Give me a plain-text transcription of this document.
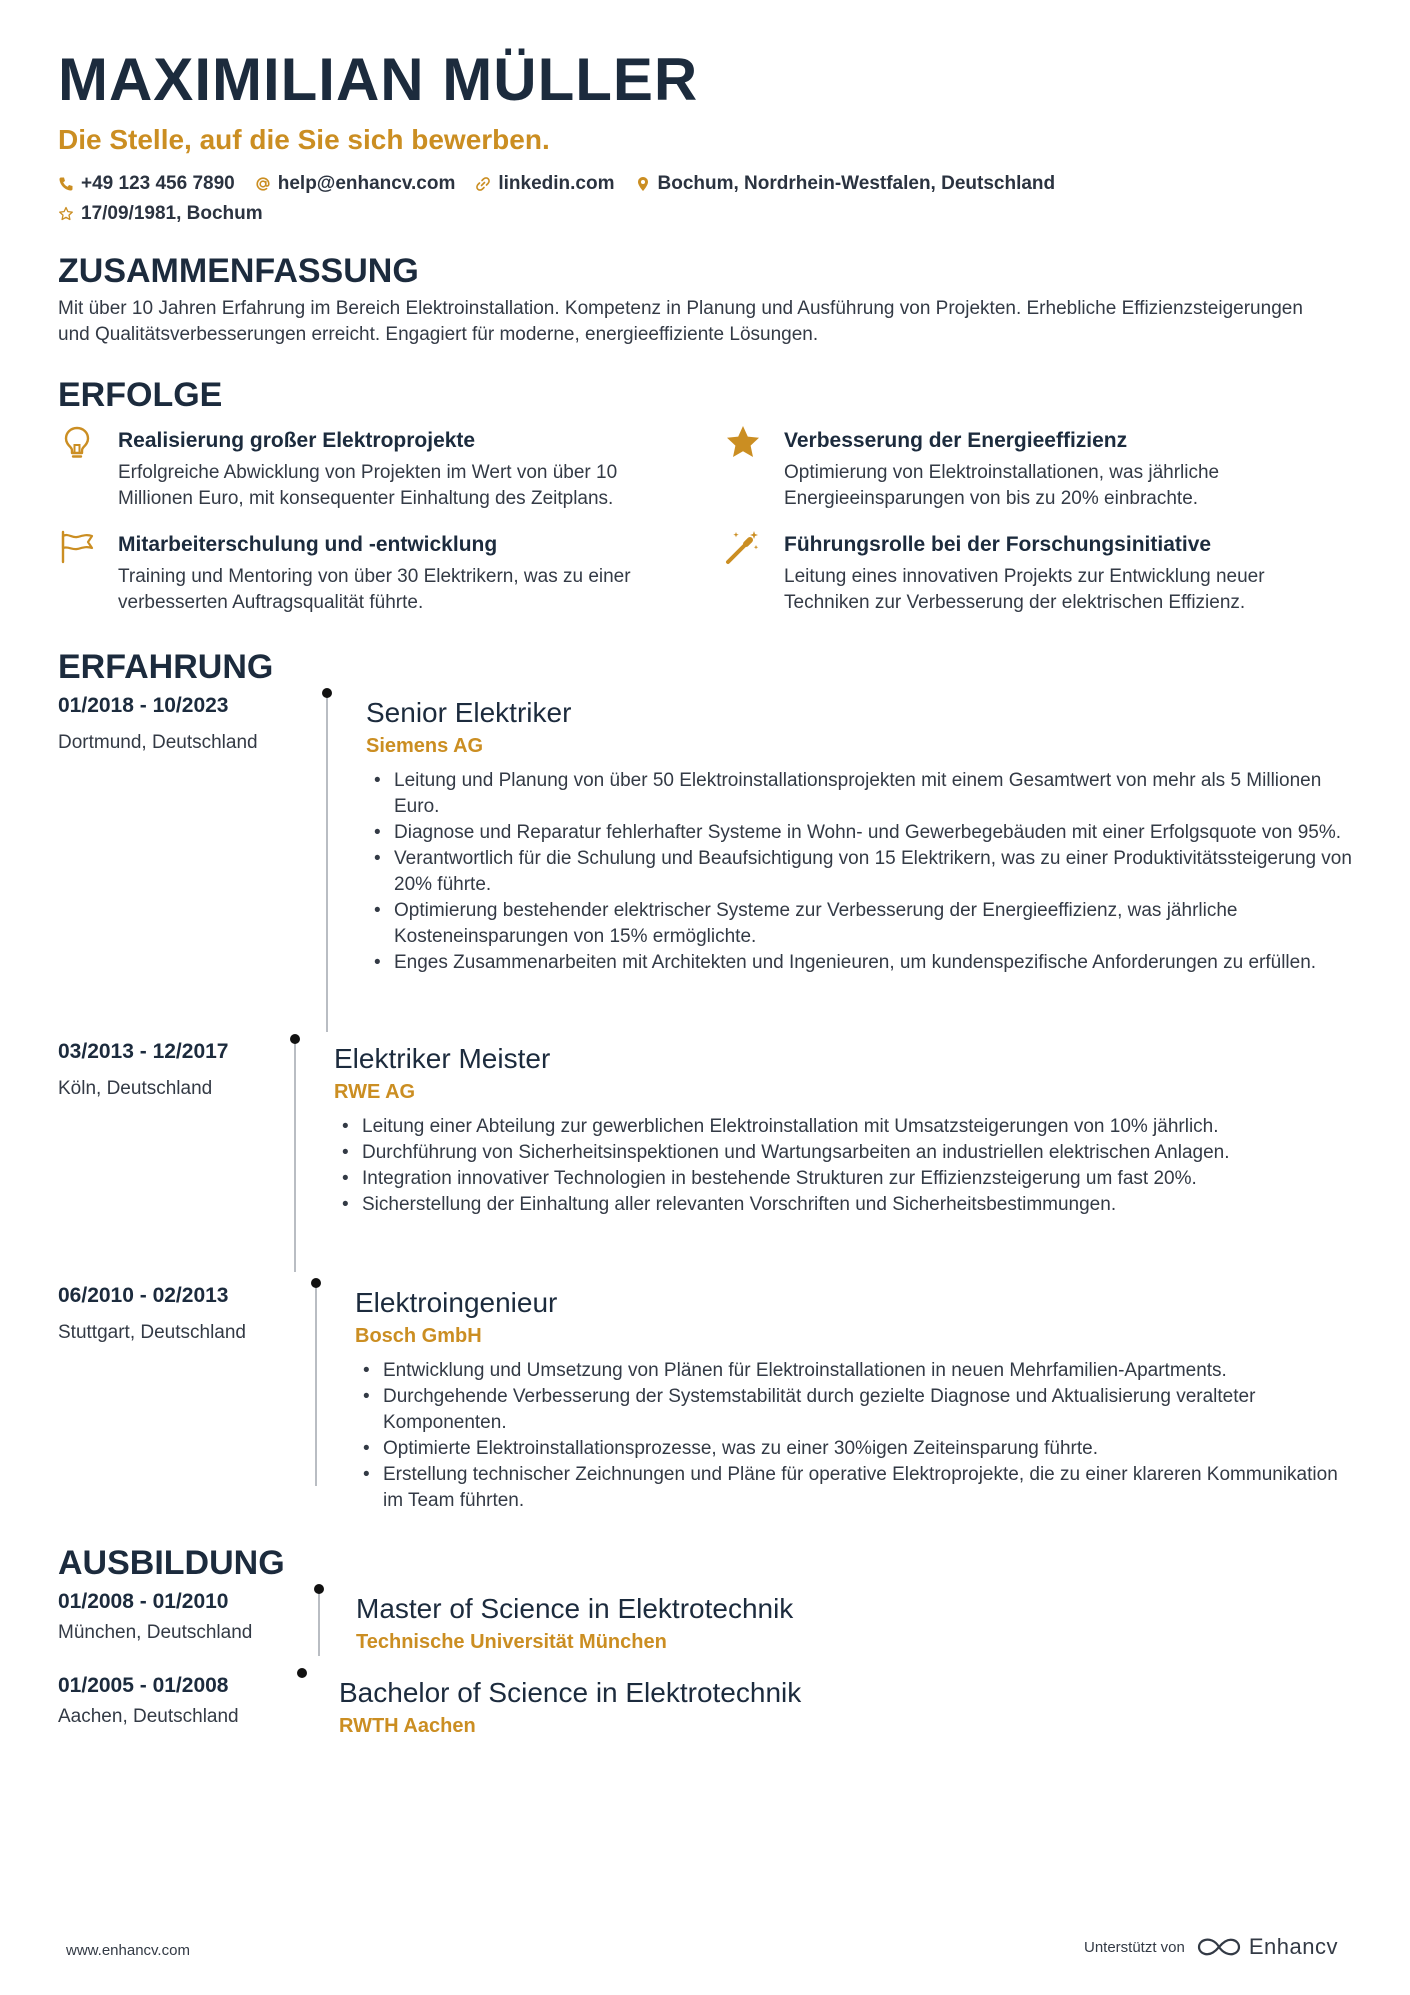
MAXIMILIAN MÜLLER
Die Stelle, auf die Sie sich bewerben.
+49 123 456 7890 help@enhancv.com linkedin.com Bochum, Nordrhein-Westfalen, Deutschland
17/09/1981, Bochum
ZUSAMMENFASSUNG
Mit über 10 Jahren Erfahrung im Bereich Elektroinstallation. Kompetenz in Planung und Ausführung von Projekten. Erhebliche Effizienzsteigerungen und Qualitätsverbesserungen erreicht. Engagiert für moderne, energieeffiziente Lösungen.
ERFOLGE
Realisierung großer Elektroprojekte
Erfolgreiche Abwicklung von Projekten im Wert von über 10 Millionen Euro, mit konsequenter Einhaltung des Zeitplans.
Verbesserung der Energieeffizienz
Optimierung von Elektroinstallationen, was jährliche Energieeinsparungen von bis zu 20% einbrachte.
Mitarbeiterschulung und -entwicklung
Training und Mentoring von über 30 Elektrikern, was zu einer verbesserten Auftragsqualität führte.
Führungsrolle bei der Forschungsinitiative
Leitung eines innovativen Projekts zur Entwicklung neuer Techniken zur Verbesserung der elektrischen Effizienz.
ERFAHRUNG
01/2018 - 10/2023
Dortmund, Deutschland
Senior Elektriker
Siemens AG
• Leitung und Planung von über 50 Elektroinstallationsprojekten mit einem Gesamtwert von mehr als 5 Millionen Euro.
• Diagnose und Reparatur fehlerhafter Systeme in Wohn- und Gewerbegebäuden mit einer Erfolgsquote von 95%.
• Verantwortlich für die Schulung und Beaufsichtigung von 15 Elektrikern, was zu einer Produktivitätssteigerung von 20% führte.
• Optimierung bestehender elektrischer Systeme zur Verbesserung der Energieeffizienz, was jährliche Kosteneinsparungen von 15% ermöglichte.
• Enges Zusammenarbeiten mit Architekten und Ingenieuren, um kundenspezifische Anforderungen zu erfüllen.
03/2013 - 12/2017
Köln, Deutschland
Elektriker Meister
RWE AG
• Leitung einer Abteilung zur gewerblichen Elektroinstallation mit Umsatzsteigerungen von 10% jährlich.
• Durchführung von Sicherheitsinspektionen und Wartungsarbeiten an industriellen elektrischen Anlagen.
• Integration innovativer Technologien in bestehende Strukturen zur Effizienzsteigerung um fast 20%.
• Sicherstellung der Einhaltung aller relevanten Vorschriften und Sicherheitsbestimmungen.
06/2010 - 02/2013
Stuttgart, Deutschland
Elektroingenieur
Bosch GmbH
• Entwicklung und Umsetzung von Plänen für Elektroinstallationen in neuen Mehrfamilien-Apartments.
• Durchgehende Verbesserung der Systemstabilität durch gezielte Diagnose und Aktualisierung veralteter Komponenten.
• Optimierte Elektroinstallationsprozesse, was zu einer 30%igen Zeiteinsparung führte.
• Erstellung technischer Zeichnungen und Pläne für operative Elektroprojekte, die zu einer klareren Kommunikation im Team führten.
AUSBILDUNG
01/2008 - 01/2010
München, Deutschland
Master of Science in Elektrotechnik
Technische Universität München
01/2005 - 01/2008
Aachen, Deutschland
Bachelor of Science in Elektrotechnik
RWTH Aachen
www.enhancv.com	Unterstützt von	Enhancv
